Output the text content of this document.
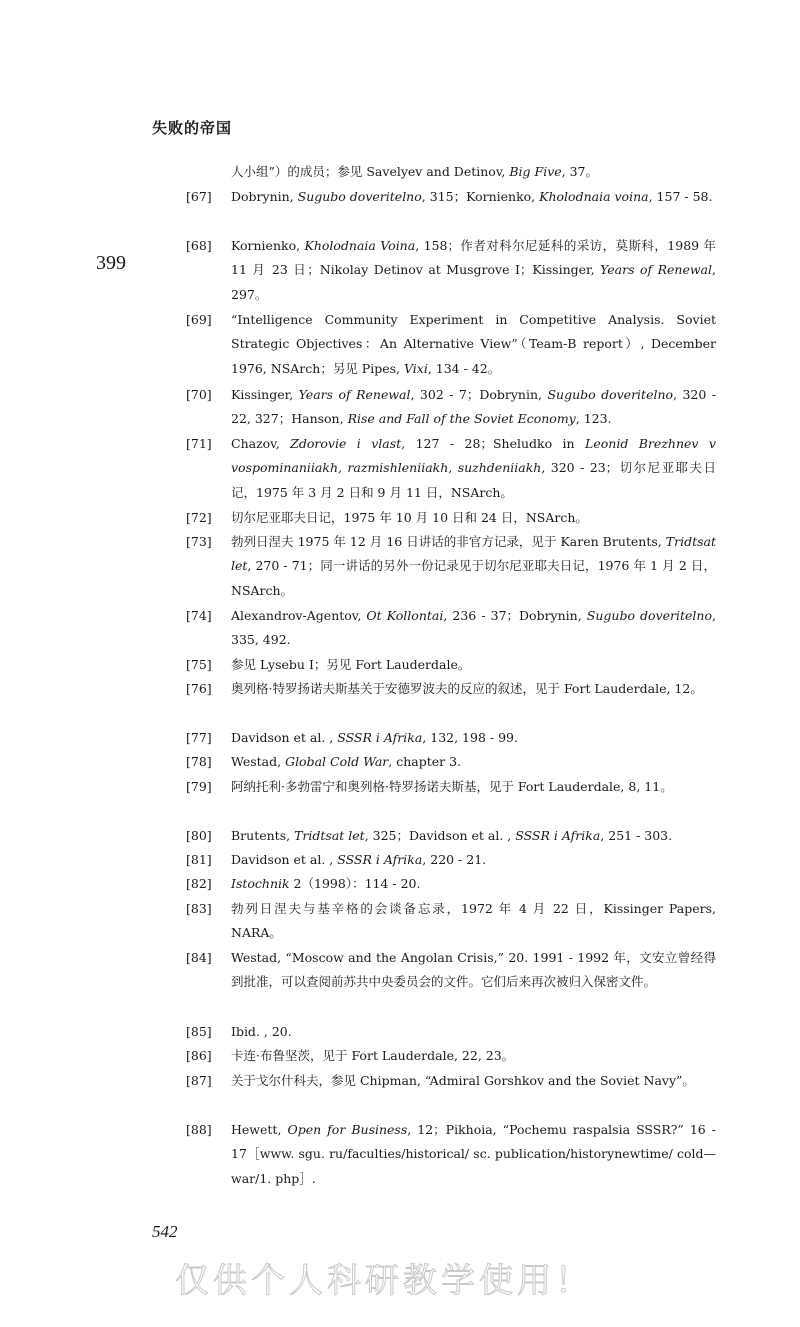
失败的帝国
399
人小组”）的成员；参见 Savelyev and Detinov, Big Five, 37。
[67]	Dobrynin, Sugubo doveritelno, 315；Kornienko, Kholodnaia voina, 157 - 58.
[68]	Kornienko, Kholodnaia Voina, 158；作者对科尔尼延科的采访，莫斯科，1989 年 11 月 23 日；Nikolay Detinov at Musgrove I；Kissinger, Years of Renewal, 297。
[69]	“Intelligence Community Experiment in Competitive Analysis. Soviet Strategic Objectives：An Alternative View”（Team-B report）, December 1976, NSArch；另见 Pipes, Vixi, 134 - 42。
[70]	Kissinger, Years of Renewal, 302 - 7；Dobrynin, Sugubo doveritelno, 320 - 22, 327；Hanson, Rise and Fall of the Soviet Economy, 123.
[71]	Chazov, Zdorovie i vlast, 127 - 28；Sheludko in Leonid Brezhnev v vospominaniiakh, razmishleniiakh, suzhdeniiakh, 320 - 23；切尔尼亚耶夫日记，1975 年 3 月 2 日和 9 月 11 日，NSArch。
[72]	切尔尼亚耶夫日记，1975 年 10 月 10 日和 24 日，NSArch。
[73]	勃列日涅夫 1975 年 12 月 16 日讲话的非官方记录，见于 Karen Brutents, Tridtsat let, 270 - 71；同一讲话的另外一份记录见于切尔尼亚耶夫日记，1976 年 1 月 2 日，NSArch。
[74]	Alexandrov-Agentov, Ot Kollontai, 236 - 37；Dobrynin, Sugubo doveritelno, 335, 492.
[75]	参见 Lysebu I；另见 Fort Lauderdale。
[76]	奥列格·特罗扬诺夫斯基关于安德罗波夫的反应的叙述，见于 Fort Lauderdale, 12。
[77]	Davidson et al. , SSSR i Afrika, 132, 198 - 99.
[78]	Westad, Global Cold War, chapter 3.
[79]	阿纳托利·多勃雷宁和奥列格·特罗扬诺夫斯基，见于 Fort Lauderdale, 8, 11。
[80]	Brutents, Tridtsat let, 325；Davidson et al. , SSSR i Afrika, 251 - 303.
[81]	Davidson et al. , SSSR i Afrika, 220 - 21.
[82]	Istochnik 2（1998）：114 - 20.
[83]	勃列日涅夫与基辛格的会谈备忘录，1972 年 4 月 22 日，Kissinger Papers, NARA。
[84]	Westad, “Moscow and the Angolan Crisis,” 20. 1991 - 1992 年，文安立曾经得到批准，可以查阅前苏共中央委员会的文件。它们后来再次被归入保密文件。
[85]	Ibid. , 20.
[86]	卡连·布鲁坚茨，见于 Fort Lauderdale, 22, 23。
[87]	关于戈尔什科夫，参见 Chipman, “Admiral Gorshkov and the Soviet Navy”。
[88]	Hewett, Open for Business, 12；Pikhoia, “Pochemu raspalsia SSSR?” 16 - 17［www. sgu. ru/faculties/historical/ sc. publication/historynewtime/ cold—war/1. php］.
542
仅供个人科研教学使用！
